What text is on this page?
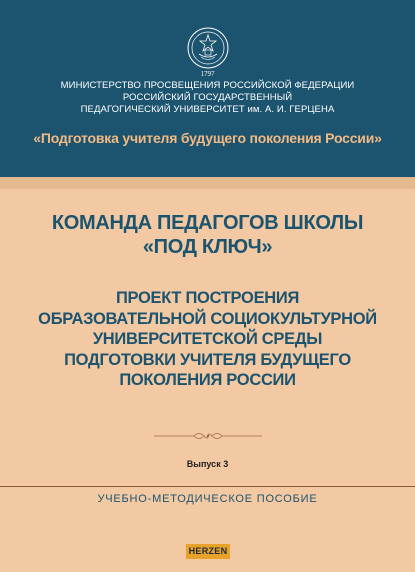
1797
МИНИСТЕРСТВО ПРОСВЕЩЕНИЯ РОССИЙСКОЙ ФЕДЕРАЦИИ
РОССИЙСКИЙ ГОСУДАРСТВЕННЫЙ
ПЕДАГОГИЧЕСКИЙ УНИВЕРСИТЕТ им. А. И. ГЕРЦЕНА
«Подготовка учителя будущего поколения России»
КОМАНДА ПЕДАГОГОВ ШКОЛЫ
«ПОД КЛЮЧ»
ПРОЕКТ ПОСТРОЕНИЯ
ОБРАЗОВАТЕЛЬНОЙ СОЦИОКУЛЬТУРНОЙ
УНИВЕРСИТЕТСКОЙ СРЕДЫ
ПОДГОТОВКИ УЧИТЕЛЯ БУДУЩЕГО
ПОКОЛЕНИЯ РОССИИ
Выпуск 3
УЧЕБНО-МЕТОДИЧЕСКОЕ ПОСОБИЕ
HERZEN
